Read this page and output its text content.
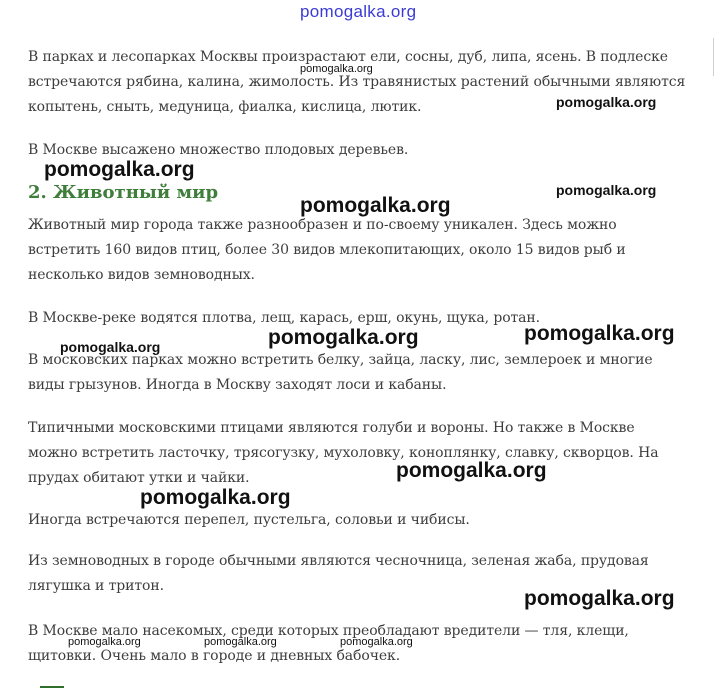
pomogalka.org

В парках и лесопарках Москвы произрастают ели, сосны, дуб, липа, ясень. В подлеске встречаются рябина, калина, жимолость. Из травянистых растений обычными являются копытень, сныть, медуница, фиалка, кислица, лютик.

В Москве высажено множество плодовых деревьев.

2. Животный мир

Животный мир города также разнообразен и по-своему уникален. Здесь можно встретить 160 видов птиц, более 30 видов млекопитающих, около 15 видов рыб и несколько видов земноводных.

В Москве-реке водятся плотва, лещ, карась, ерш, окунь, щука, ротан.

В московских парках можно встретить белку, зайца, ласку, лис, землероек и многие виды грызунов. Иногда в Москву заходят лоси и кабаны.

Типичными московскими птицами являются голуби и вороны. Но также в Москве можно встретить ласточку, трясогузку, мухоловку, коноплянку, славку, скворцов. На прудах обитают утки и чайки.

Иногда встречаются перепел, пустельга, соловьи и чибисы.

Из земноводных в городе обычными являются чесночница, зеленая жаба, прудовая лягушка и тритон.

В Москве мало насекомых, среди которых преобладают вредители — тля, клещи, щитовки. Очень мало в городе и дневных бабочек.

pomogalka.org
pomogalka.org
pomogalka.org
pomogalka.org
pomogalka.org
pomogalka.org	pomogalka.org
pomogalka.org
pomogalka.org
pomogalka.org
pomogalka.org
pomogalka.org	pomogalka.org	pomogalka.org
